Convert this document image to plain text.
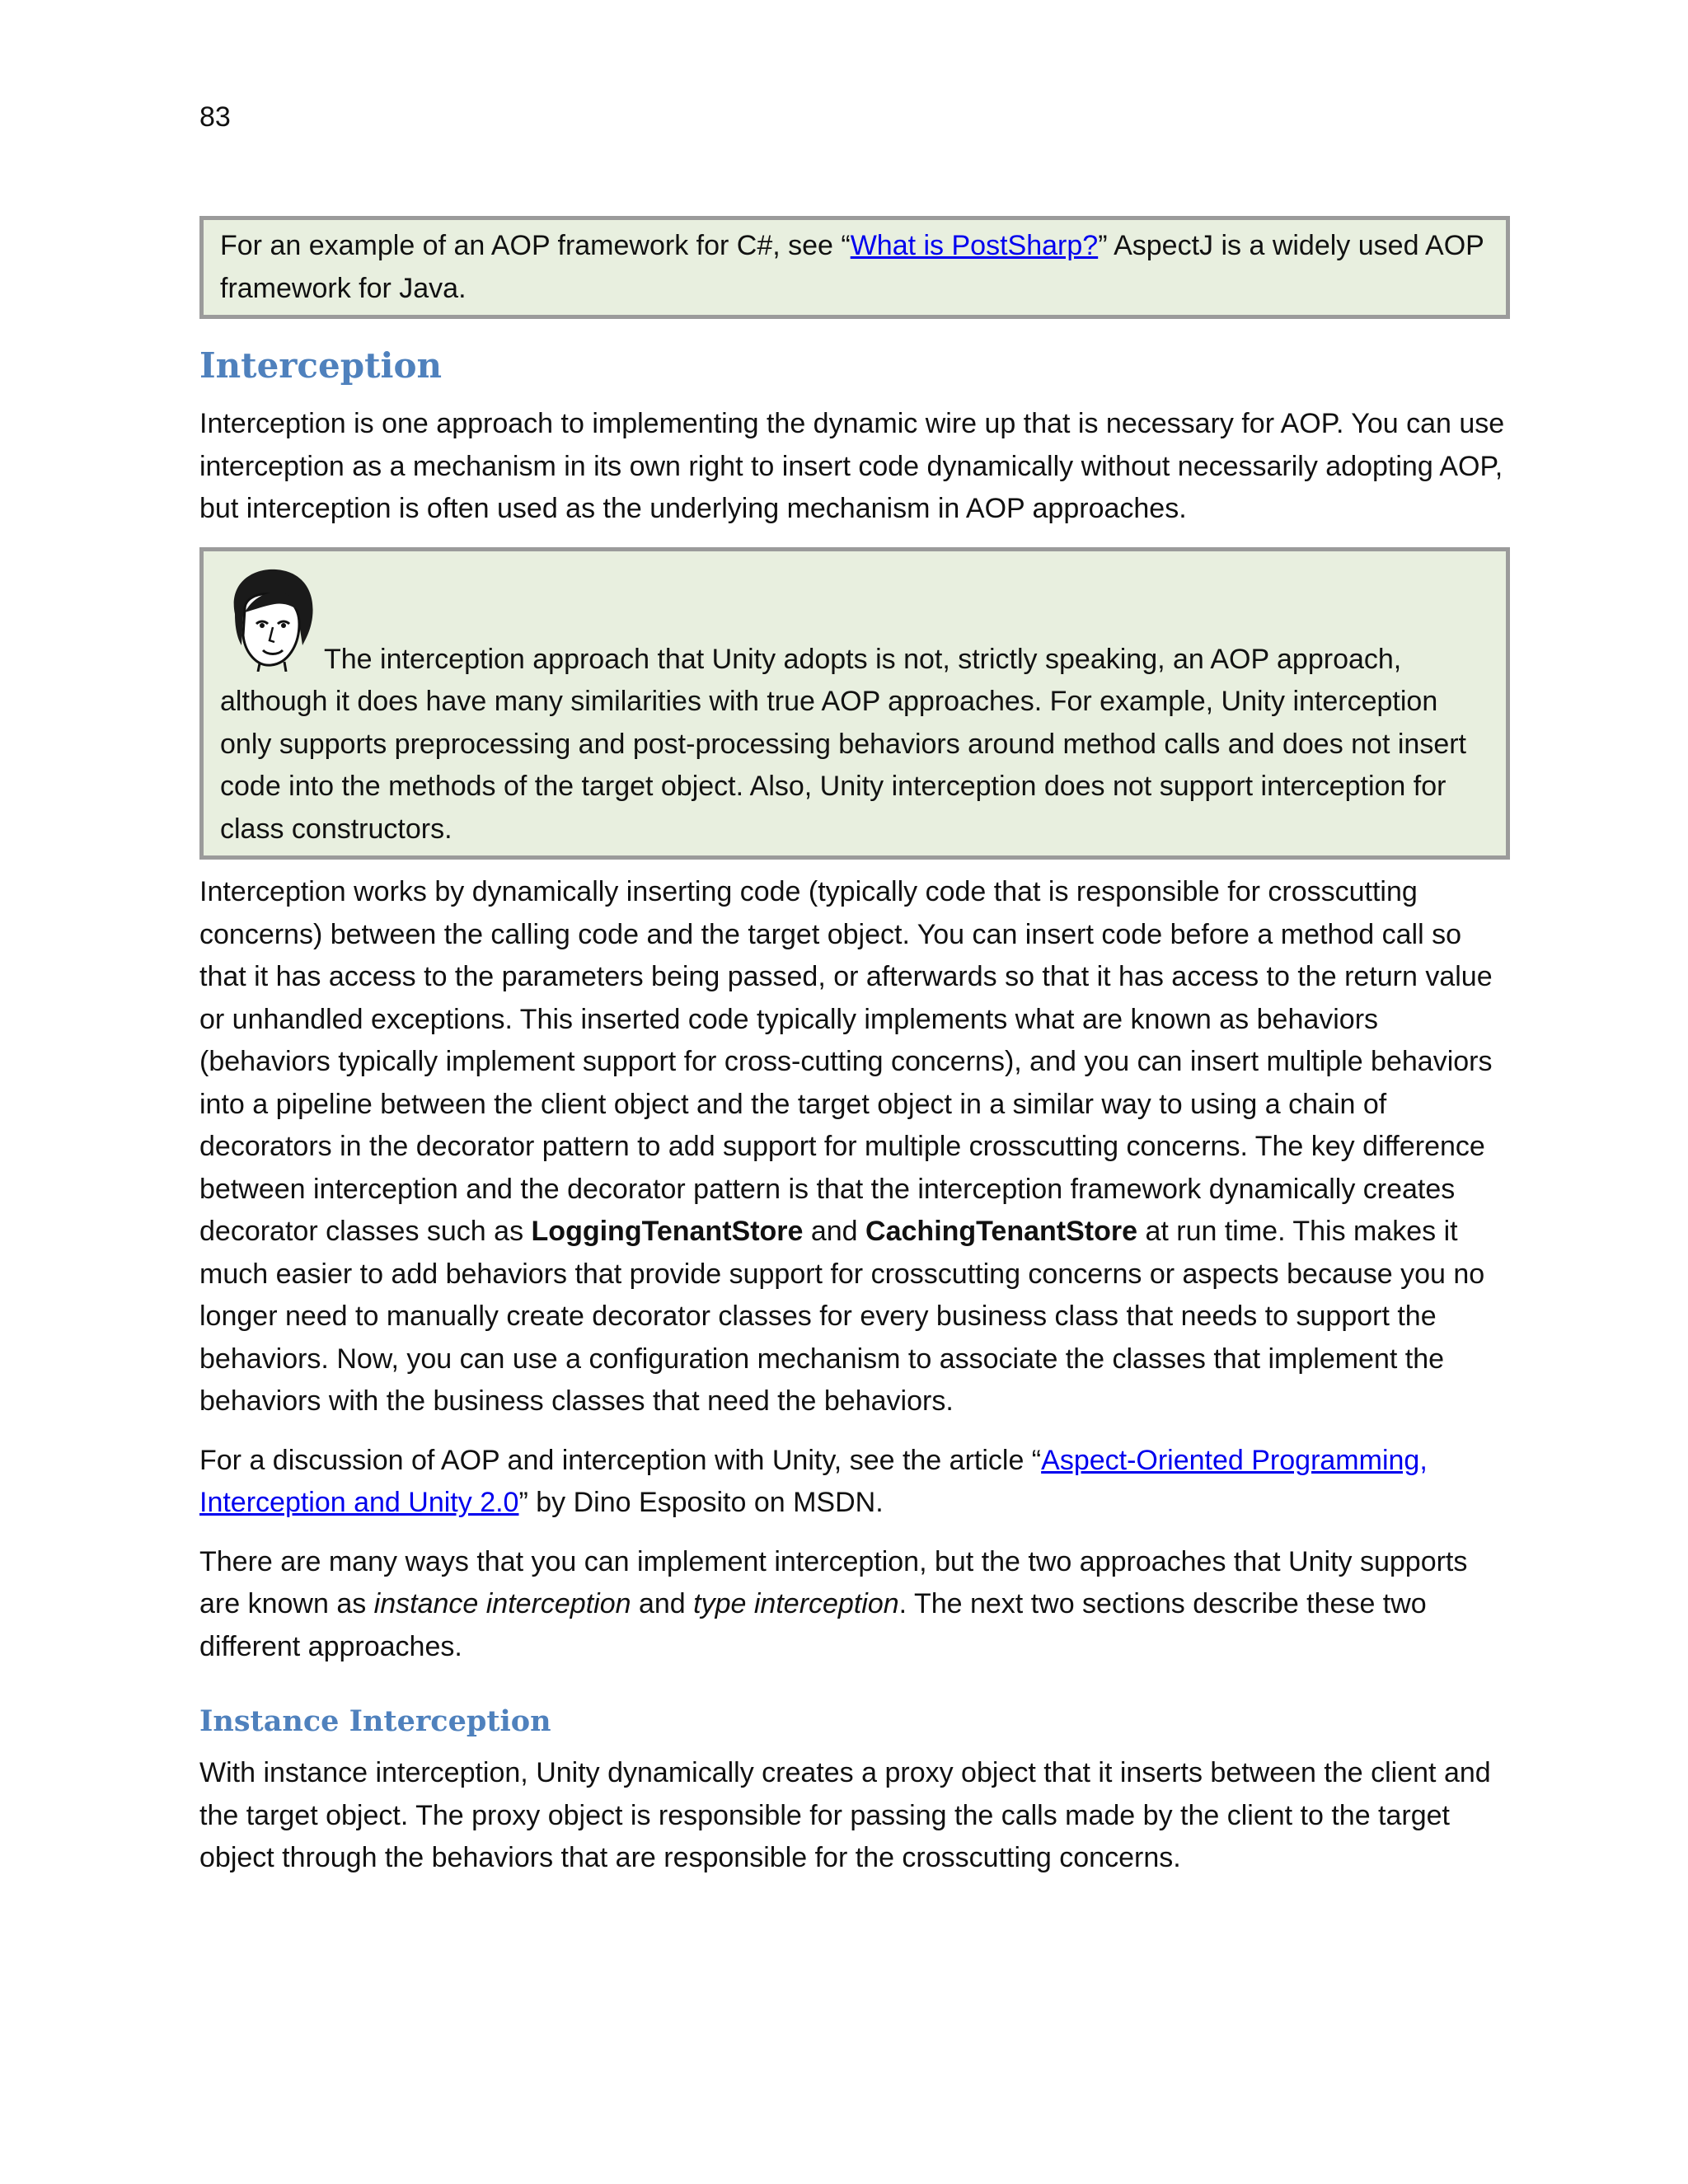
83

For an example of an AOP framework for C#, see “What is PostSharp?” AspectJ is a widely used AOP framework for Java.

Interception

Interception is one approach to implementing the dynamic wire up that is necessary for AOP. You can use interception as a mechanism in its own right to insert code dynamically without necessarily adopting AOP, but interception is often used as the underlying mechanism in AOP approaches.

The interception approach that Unity adopts is not, strictly speaking, an AOP approach, although it does have many similarities with true AOP approaches. For example, Unity interception only supports preprocessing and post-processing behaviors around method calls and does not insert code into the methods of the target object. Also, Unity interception does not support interception for class constructors.

Interception works by dynamically inserting code (typically code that is responsible for crosscutting concerns) between the calling code and the target object. You can insert code before a method call so that it has access to the parameters being passed, or afterwards so that it has access to the return value or unhandled exceptions. This inserted code typically implements what are known as behaviors (behaviors typically implement support for cross-cutting concerns), and you can insert multiple behaviors into a pipeline between the client object and the target object in a similar way to using a chain of decorators in the decorator pattern to add support for multiple crosscutting concerns. The key difference between interception and the decorator pattern is that the interception framework dynamically creates decorator classes such as LoggingTenantStore and CachingTenantStore at run time. This makes it much easier to add behaviors that provide support for crosscutting concerns or aspects because you no longer need to manually create decorator classes for every business class that needs to support the behaviors. Now, you can use a configuration mechanism to associate the classes that implement the behaviors with the business classes that need the behaviors.

For a discussion of AOP and interception with Unity, see the article “Aspect-Oriented Programming, Interception and Unity 2.0” by Dino Esposito on MSDN.

There are many ways that you can implement interception, but the two approaches that Unity supports are known as instance interception and type interception. The next two sections describe these two different approaches.

Instance Interception

With instance interception, Unity dynamically creates a proxy object that it inserts between the client and the target object. The proxy object is responsible for passing the calls made by the client to the target object through the behaviors that are responsible for the crosscutting concerns.
